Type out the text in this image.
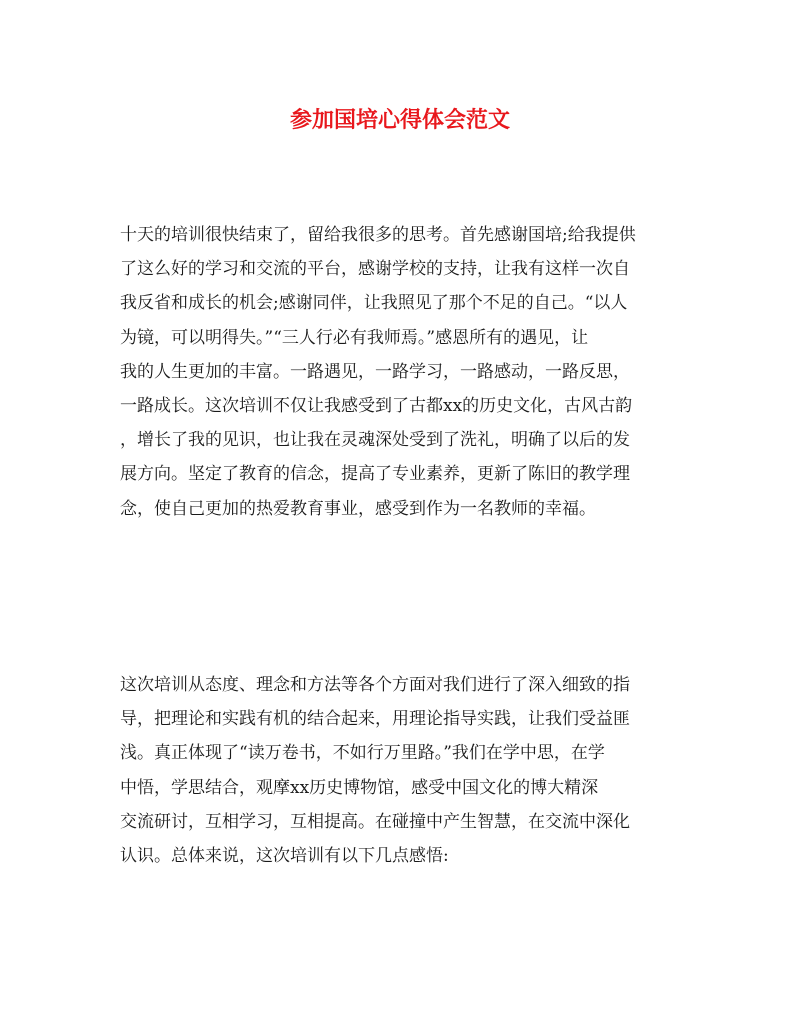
参加国培心得体会范文
十天的培训很快结束了，留给我很多的思考。首先感谢国培;给我提供
了这么好的学习和交流的平台，感谢学校的支持，让我有这样一次自
我反省和成长的机会;感谢同伴，让我照见了那个不足的自己。“以人
为镜，可以明得失。”“三人行必有我师焉。”感恩所有的遇见，让
我的人生更加的丰富。一路遇见，一路学习，一路感动，一路反思，
一路成长。这次培训不仅让我感受到了古都xx的历史文化，古风古韵
，增长了我的见识，也让我在灵魂深处受到了洗礼，明确了以后的发
展方向。坚定了教育的信念，提高了专业素养，更新了陈旧的教学理
念，使自己更加的热爱教育事业，感受到作为一名教师的幸福。
这次培训从态度、理念和方法等各个方面对我们进行了深入细致的指
导，把理论和实践有机的结合起来，用理论指导实践，让我们受益匪
浅。真正体现了“读万卷书，不如行万里路。”我们在学中思，在学
中悟，学思结合，观摩xx历史博物馆，感受中国文化的博大精深
交流研讨，互相学习，互相提高。在碰撞中产生智慧，在交流中深化
认识。总体来说，这次培训有以下几点感悟:
